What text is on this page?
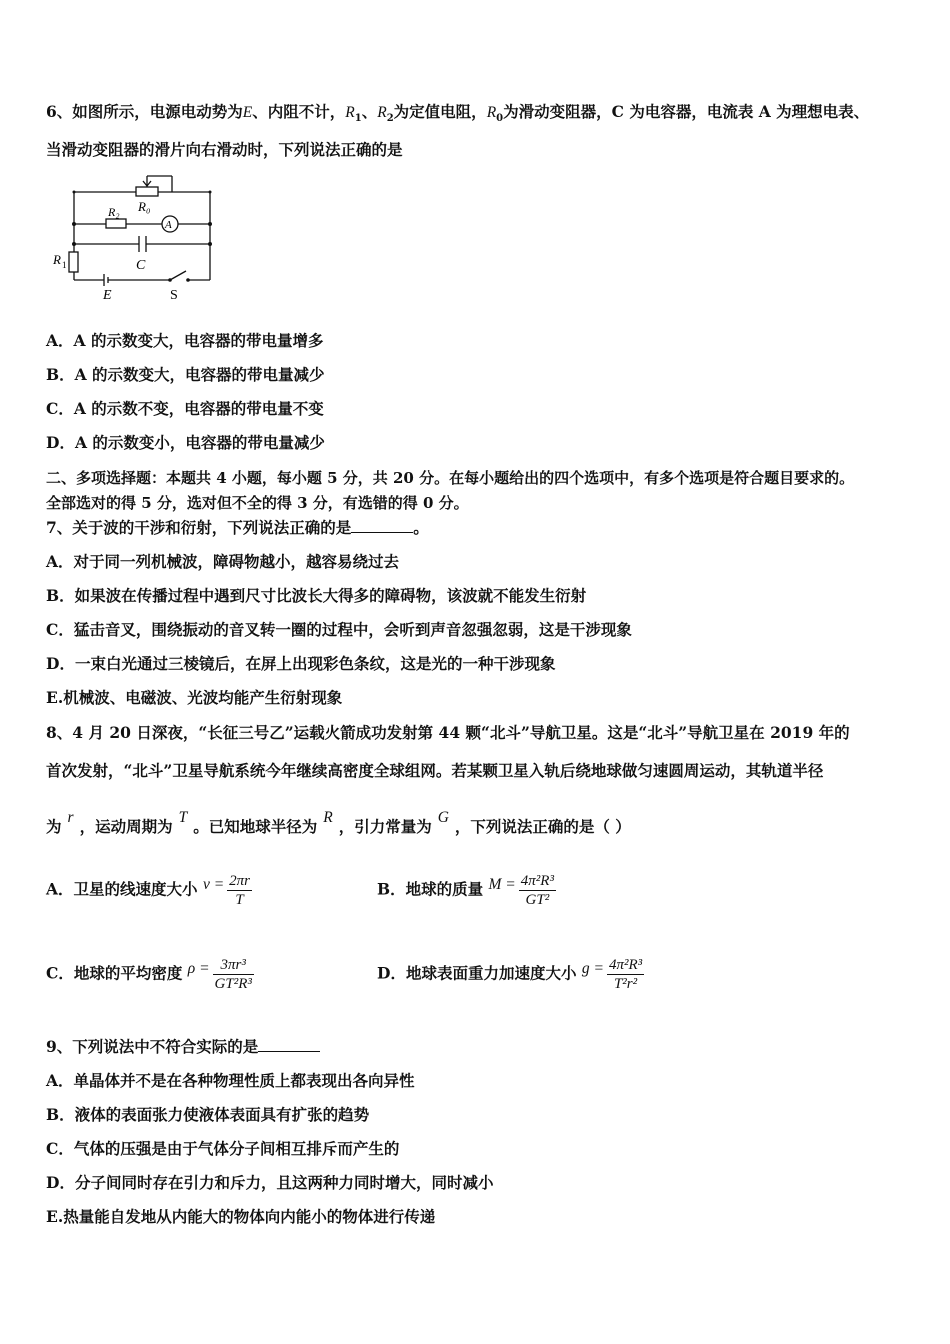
6、如图所示，电源电动势为E、内阻不计，$R_1$、$R_2$为定值电阻，$R_0$为滑动变阻器，C 为电容器，电流表 A 为理想电表、
当滑动变阻器的滑片向右滑动时，下列说法正确的是
R₀
R₂
A
R 1	C
E	S
A．A 的示数变大，电容器的带电量增多
B．A 的示数变大，电容器的带电量减少
C．A 的示数不变，电容器的带电量不变
D．A 的示数变小，电容器的带电量减少
二、多项选择题：本题共 4 小题，每小题 5 分，共 20 分。在每小题给出的四个选项中，有多个选项是符合题目要求的。
全部选对的得 5 分，选对但不全的得 3 分，有选错的得 0 分。
7、关于波的干涉和衍射，下列说法正确的是	。
A．对于同一列机械波，障碍物越小，越容易绕过去
B．如果波在传播过程中遇到尺寸比波长大得多的障碍物，该波就不能发生衍射
C．猛击音叉，围绕振动的音叉转一圈的过程中，会听到声音忽强忽弱，这是干涉现象
D．一束白光通过三棱镜后，在屏上出现彩色条纹，这是光的一种干涉现象
E.机械波、电磁波、光波均能产生衍射现象
8、4 月 20 日深夜，“长征三号乙”运载火箭成功发射第 44 颗“北斗”导航卫星。这是“北斗”导航卫星在 2019 年的
首次发射，“北斗”卫星导航系统今年继续高密度全球组网。若某颗卫星入轨后绕地球做匀速圆周运动，其轨道半径
为 r ，运动周期为 T 。已知地球半径为 R ，引力常量为 G ，下列说法正确的是（ ）
A．卫星的线速度大小 $v = \frac{2\pi r}{T}$	B．地球的质量 $M = \frac{\text{4π²R³}}{\text{GT²}}$
C．地球的平均密度 $\rho = \frac{\text{3πr³}}{\text{GT²R³}}$	D．地球表面重力加速度大小 $g = \frac{\text{4π²R³}}{\text{T²r²}}$
9、下列说法中不符合实际的是
A．单晶体并不是在各种物理性质上都表现出各向异性
B．液体的表面张力使液体表面具有扩张的趋势
C．气体的压强是由于气体分子间相互排斥而产生的
D．分子间同时存在引力和斥力，且这两种力同时增大，同时减小
E.热量能自发地从内能大的物体向内能小的物体进行传递
